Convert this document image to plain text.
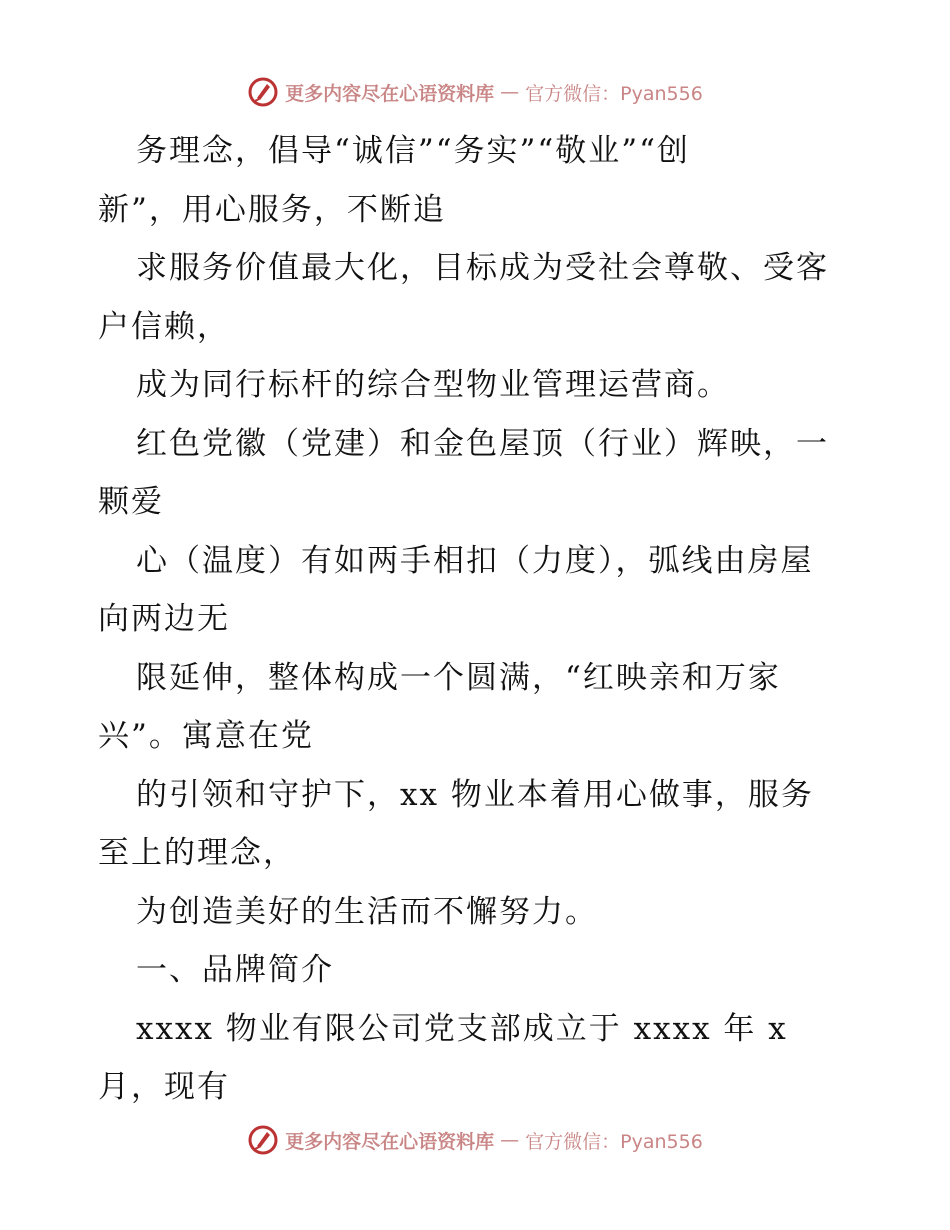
更多内容尽在心语资料库 — 官方微信：Pyan556
务理念，倡导“诚信”“务实”“敬业”“创
新”，用心服务，不断追
求服务价值最大化，目标成为受社会尊敬、受客
户信赖，
成为同行标杆的综合型物业管理运营商。
红色党徽（党建）和金色屋顶（行业）辉映，一
颗爱
心（温度）有如两手相扣（力度），弧线由房屋
向两边无
限延伸，整体构成一个圆满，“红映亲和万家
兴”。寓意在党
的引领和守护下，xx 物业本着用心做事，服务
至上的理念，
为创造美好的生活而不懈努力。
一、品牌简介
xxxx 物业有限公司党支部成立于 xxxx 年 x
月，现有
更多内容尽在心语资料库 — 官方微信：Pyan556
